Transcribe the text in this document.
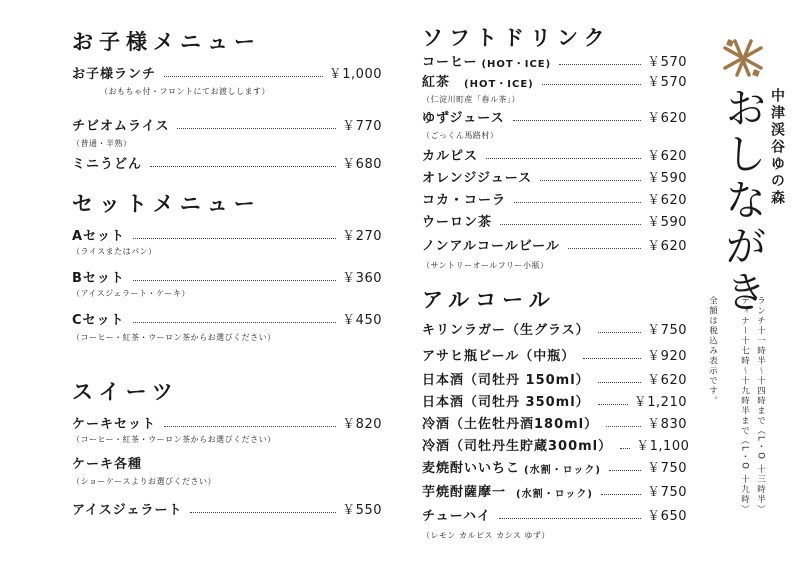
お子様メニュー
お子様ランチ	￥1,000
（おもちゃ付・フロントにてお渡しします）
チビオムライス	￥770
（普通・半熟）
ミニうどん	￥680
セットメニュー
Aセット	￥270
（ライスまたはパン）
Bセット	￥360
（アイスジェラート・ケーキ）
Cセット	￥450
（コーヒー・紅茶・ウーロン茶からお選びください）
スイーツ
ケーキセット	￥820
（コーヒー・紅茶・ウーロン茶からお選びください）
ケーキ各種
（ショーケースよりお選びください）
アイスジェラート	￥550
ソフトドリンク
コーヒー (HOT・ICE)	￥570
紅茶 (HOT・ICE)	￥570
（仁淀川町産「春ル茶」）
ゆずジュース	￥620
（ごっくん馬路村）
カルピス	￥620
オレンジジュース	￥590
コカ・コーラ	￥620
ウーロン茶	￥590
ノンアルコールビール	￥620
（サントリーオールフリー小瓶）
アルコール
キリンラガー（生グラス）	￥750
アサヒ瓶ビール（中瓶）	￥920
日本酒（司牡丹 150ml）	￥620
日本酒（司牡丹 350ml）	￥1,210
冷酒（土佐牡丹酒180ml）	￥830
冷酒（司牡丹生貯蔵300ml） ￥1,100
麦焼酎いいちこ (水割・ロック)	￥750
芋焼酎薩摩一 (水割・ロック)	￥750
チューハイ	￥650
（レモン カルピス カシス ゆず）
おしながき 中津渓谷ゆの森
ランチ十一時半〜十四時まで（L・O 十三時半）
ディナー十七時〜十九時半まで（L・O 十九時）
全額は税込み表示です。
